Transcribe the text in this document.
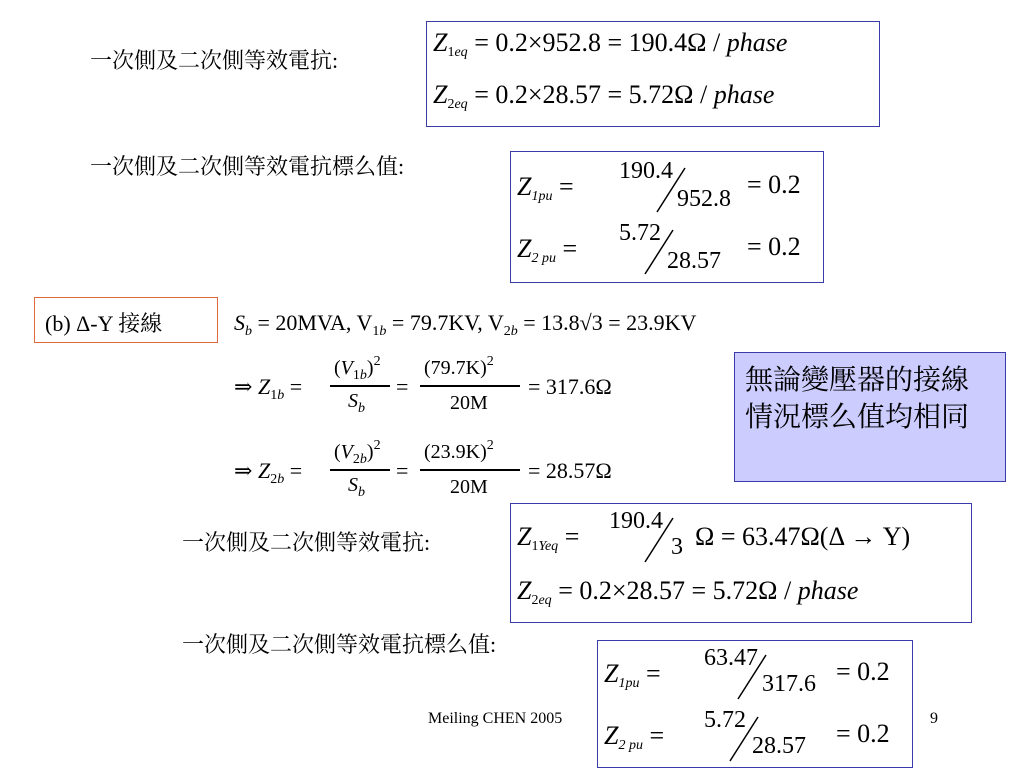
一次側及二次側等效電抗:
$Z_{1eq} = 0.2\times 952.8 = 190.4\Omega$ / phase
$Z_{2eq} = 0.2\times 28.57 = 5.72\Omega$ / phase
一次側及二次側等效電抗標么值:
$Z_{1pu}$ =
190.4
952.8 = 0.2
$Z_{2 pu}$ =
5.72
28.57 = 0.2
(b) Δ-Y 接線	$S_b = 20MVA$, $V_{1b} = 79.7KV$, $V_{2b} = 13.8√3 = 23.9KV$
⇒ $Z_{1b}$ =
$(V_{1b})^2$
$S_b$
=
$(79.7K)^2$
20M
= 317.6Ω
⇒ $Z_{2b}$ =
$(V_{2b})^2$
$S_b$
=
$(23.9K)^2$
20M
= 28.57Ω
無論變壓器的接線情況標么值均相同
一次側及二次側等效電抗:	$Z_{1Yeq}$ =
190.4
3 Ω = 63.47Ω(Δ → Y)
$Z_{2eq} = 0.2\times 28.57 = 5.72\Omega$ / phase
一次側及二次側等效電抗標么值:
$Z_{1pu}$ =
63.47
317.6 = 0.2
$Z_{2 pu}$ =
5.72
28.57 = 0.2
Meiling CHEN 2005	9
